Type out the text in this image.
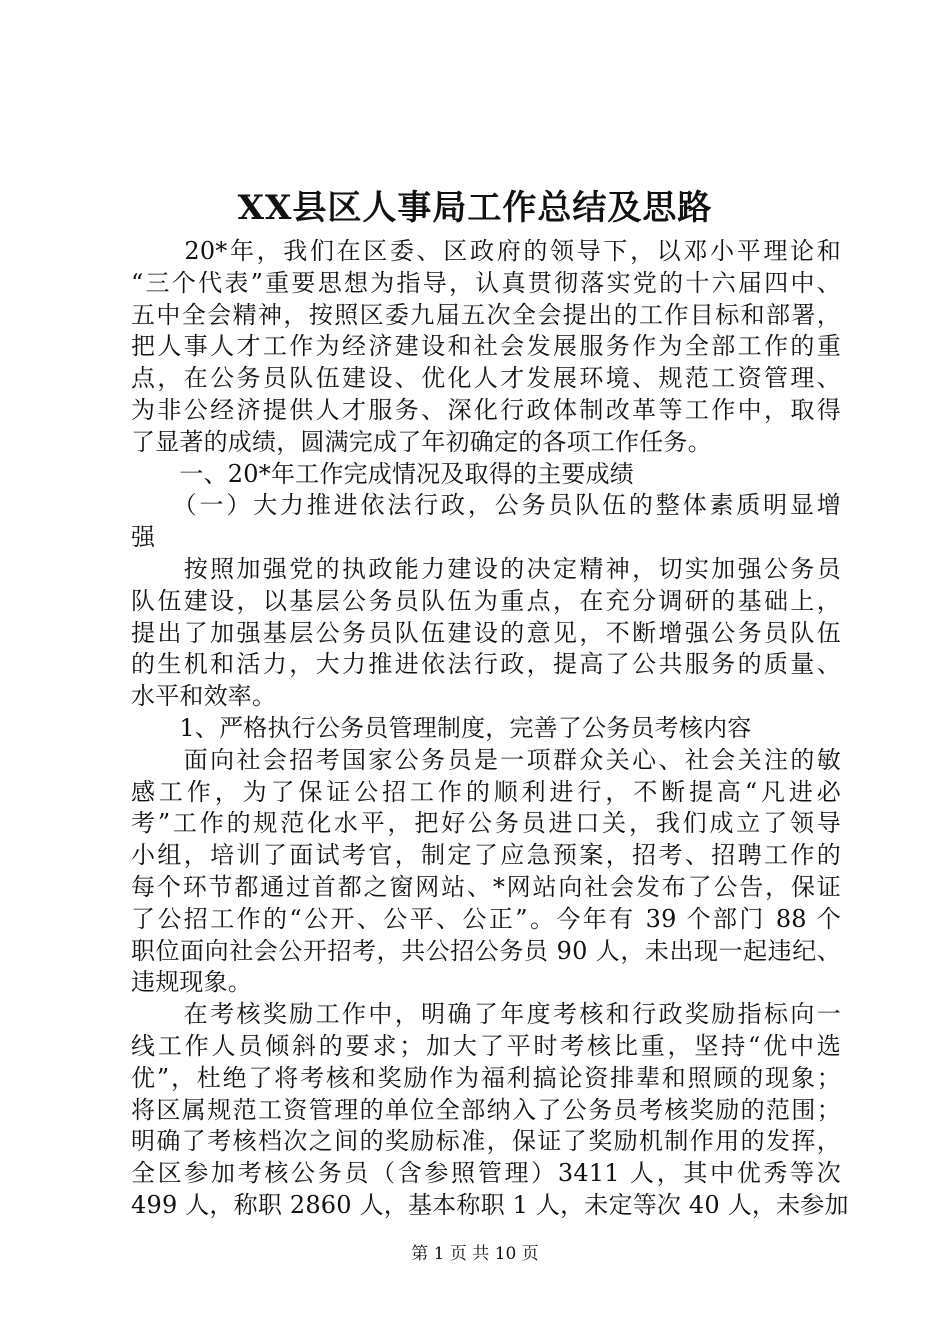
XX县区人事局工作总结及思路
　　20*年，我们在区委、区政府的领导下，以邓小平理论和
“三个代表”重要思想为指导，认真贯彻落实党的十六届四中、
五中全会精神，按照区委九届五次全会提出的工作目标和部署，
把人事人才工作为经济建设和社会发展服务作为全部工作的重
点，在公务员队伍建设、优化人才发展环境、规范工资管理、
为非公经济提供人才服务、深化行政体制改革等工作中，取得
了显著的成绩，圆满完成了年初确定的各项工作任务。
　　一、20*年工作完成情况及取得的主要成绩
　　（一）大力推进依法行政，公务员队伍的整体素质明显增
强
　　按照加强党的执政能力建设的决定精神，切实加强公务员
队伍建设，以基层公务员队伍为重点，在充分调研的基础上，
提出了加强基层公务员队伍建设的意见，不断增强公务员队伍
的生机和活力，大力推进依法行政，提高了公共服务的质量、
水平和效率。
　　1、严格执行公务员管理制度，完善了公务员考核内容
　　面向社会招考国家公务员是一项群众关心、社会关注的敏
感工作，为了保证公招工作的顺利进行，不断提高“凡进必
考”工作的规范化水平，把好公务员进口关，我们成立了领导
小组，培训了面试考官，制定了应急预案，招考、招聘工作的
每个环节都通过首都之窗网站、*网站向社会发布了公告，保证
了公招工作的“公开、公平、公正”。今年有 39 个部门 88 个
职位面向社会公开招考，共公招公务员 90 人，未出现一起违纪、
违规现象。
　　在考核奖励工作中，明确了年度考核和行政奖励指标向一
线工作人员倾斜的要求；加大了平时考核比重，坚持“优中选
优”，杜绝了将考核和奖励作为福利搞论资排辈和照顾的现象；
将区属规范工资管理的单位全部纳入了公务员考核奖励的范围；
明确了考核档次之间的奖励标准，保证了奖励机制作用的发挥，
全区参加考核公务员（含参照管理）3411 人，其中优秀等次
499 人，称职 2860 人，基本称职 1 人，未定等次 40 人，未参加
第 1 页 共 10 页
